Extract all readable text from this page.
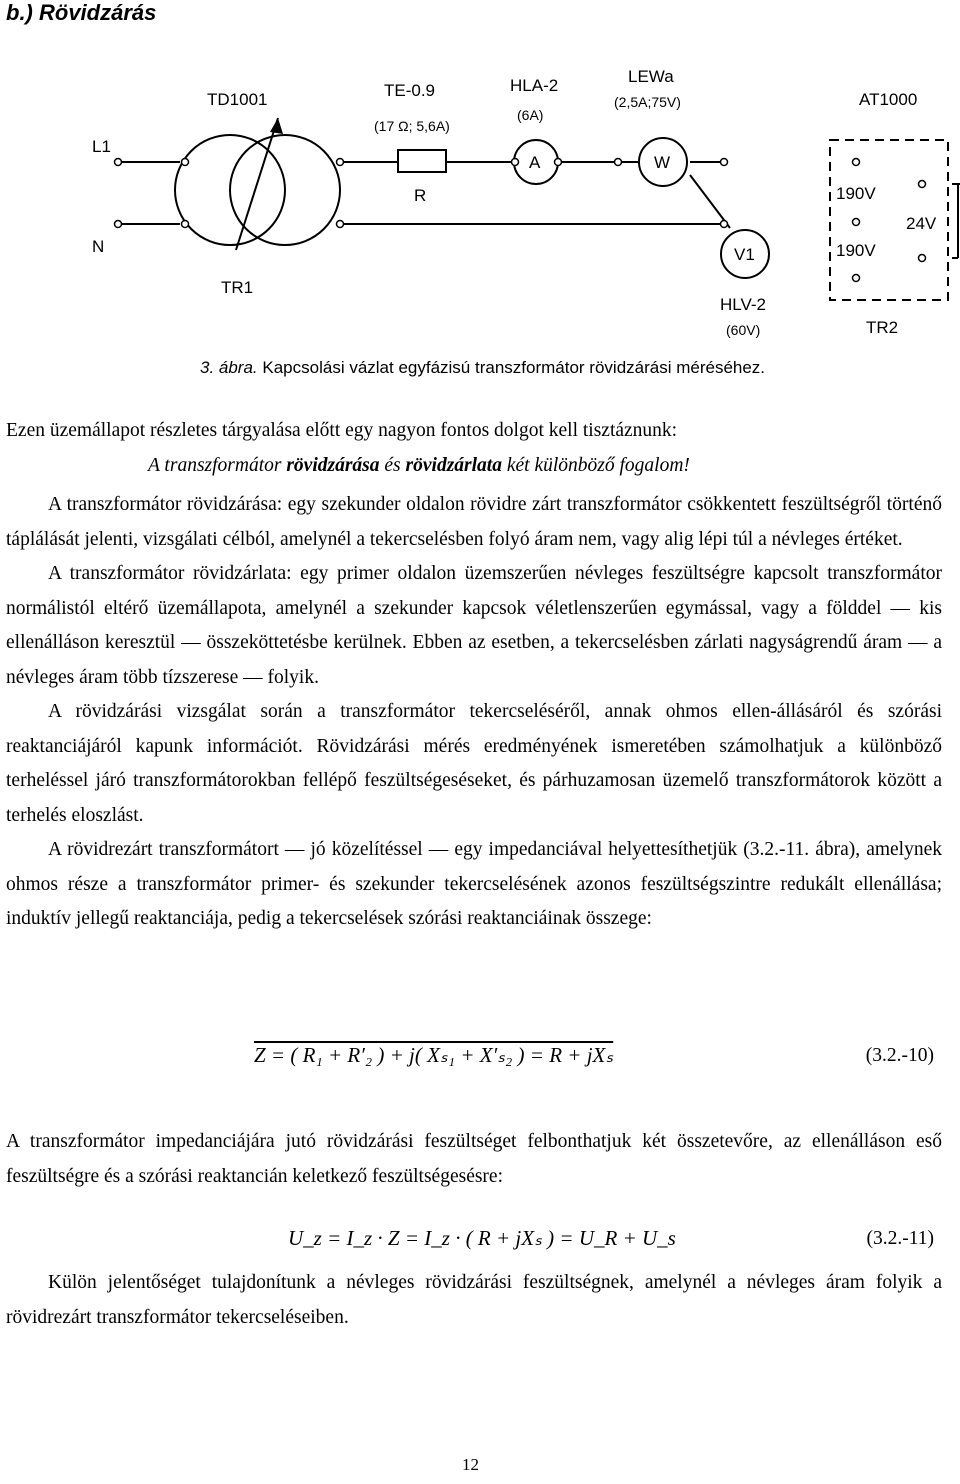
b.) Rövidzárás
L1
N
TD1001
TR1
TE-0.9
(17 Ω; 5,6A)
R
HLA-2
(6A)
A
LEWa
(2,5A;75V)
W
V1
HLV-2
(60V)
AT1000
190V
190V
24V
TR2
3. ábra. Kapcsolási vázlat egyfázisú transzformátor rövidzárási méréséhez.
Ezen üzemállapot részletes tárgyalása előtt egy nagyon fontos dolgot kell tisztáznunk:
A transzformátor rövidzárása és rövidzárlata két különböző fogalom!

A transzformátor rövidzárása: egy szekunder oldalon rövidre zárt transzformátor csökkentett feszültségről történő táplálását jelenti, vizsgálati célból, amelynél a tekercselésben folyó áram nem, vagy alig lépi túl a névleges értéket.

A transzformátor rövidzárlata: egy primer oldalon üzemszerűen névleges feszültségre kapcsolt transzformátor normálistól eltérő üzemállapota, amelynél a szekunder kapcsok véletlenszerűen egymással, vagy a földdel — kis ellenálláson keresztül — összeköttetésbe kerülnek. Ebben az esetben, a tekercselésben zárlati nagyságrendű áram — a névleges áram több tízszerese — folyik.

A rövidzárási vizsgálat során a transzformátor tekercseléséről, annak ohmos ellen-állásáról és szórási reaktanciájáról kapunk információt. Rövidzárási mérés eredményének ismeretében számolhatjuk a különböző terheléssel járó transzformátorokban fellépő feszültségeséseket, és párhuzamosan üzemelő transzformátorok között a terhelés eloszlást.

A rövidrezárt transzformátort — jó közelítéssel — egy impedanciával helyettesíthetjük (3.2.-11. ábra), amelynek ohmos része a transzformátor primer- és szekunder tekercselésének azonos feszültségszintre redukált ellenállása; induktív jellegű reaktanciája, pedig a tekercselések szórási reaktanciáinak összege:

Z = ( R₁ + R′₂ ) + j( Xₛ₁ + X′ₛ₂ ) = R + jXₛ	(3.2.-10)

A transzformátor impedanciájára jutó rövidzárási feszültséget felbonthatjuk két összetevőre, az ellenálláson eső feszültségre és a szórási reaktancián keletkező feszültségesésre:

U_z = I_z · Z = I_z · ( R + jXₛ ) = U_R + U_s	(3.2.-11)

Külön jelentőséget tulajdonítunk a névleges rövidzárási feszültségnek, amelynél a névleges áram folyik a rövidrezárt transzformátor tekercseléseiben.

12
